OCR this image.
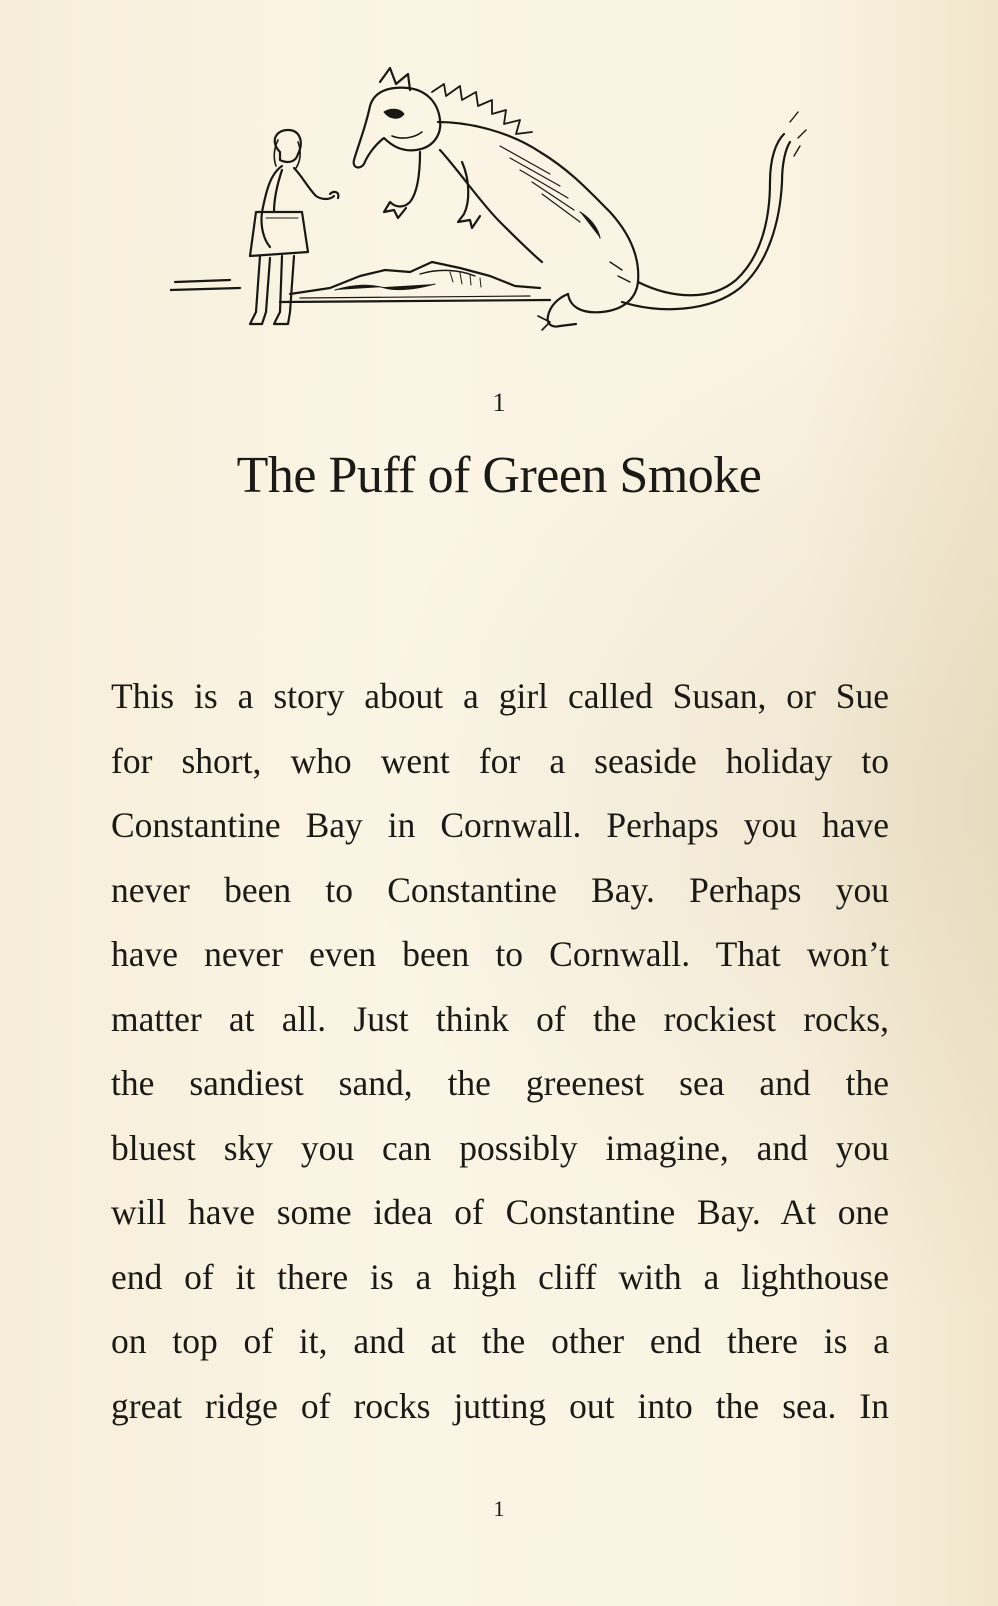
1
The Puff of Green Smoke

This is a story about a girl called Susan, or Sue
for short, who went for a seaside holiday to
Constantine Bay in Cornwall. Perhaps you have
never been to Constantine Bay. Perhaps you
have never even been to Cornwall. That won’t
matter at all. Just think of the rockiest rocks,
the sandiest sand, the greenest sea and the
bluest sky you can possibly imagine, and you
will have some idea of Constantine Bay. At one
end of it there is a high cliff with a lighthouse
on top of it, and at the other end there is a
great ridge of rocks jutting out into the sea. In

1
